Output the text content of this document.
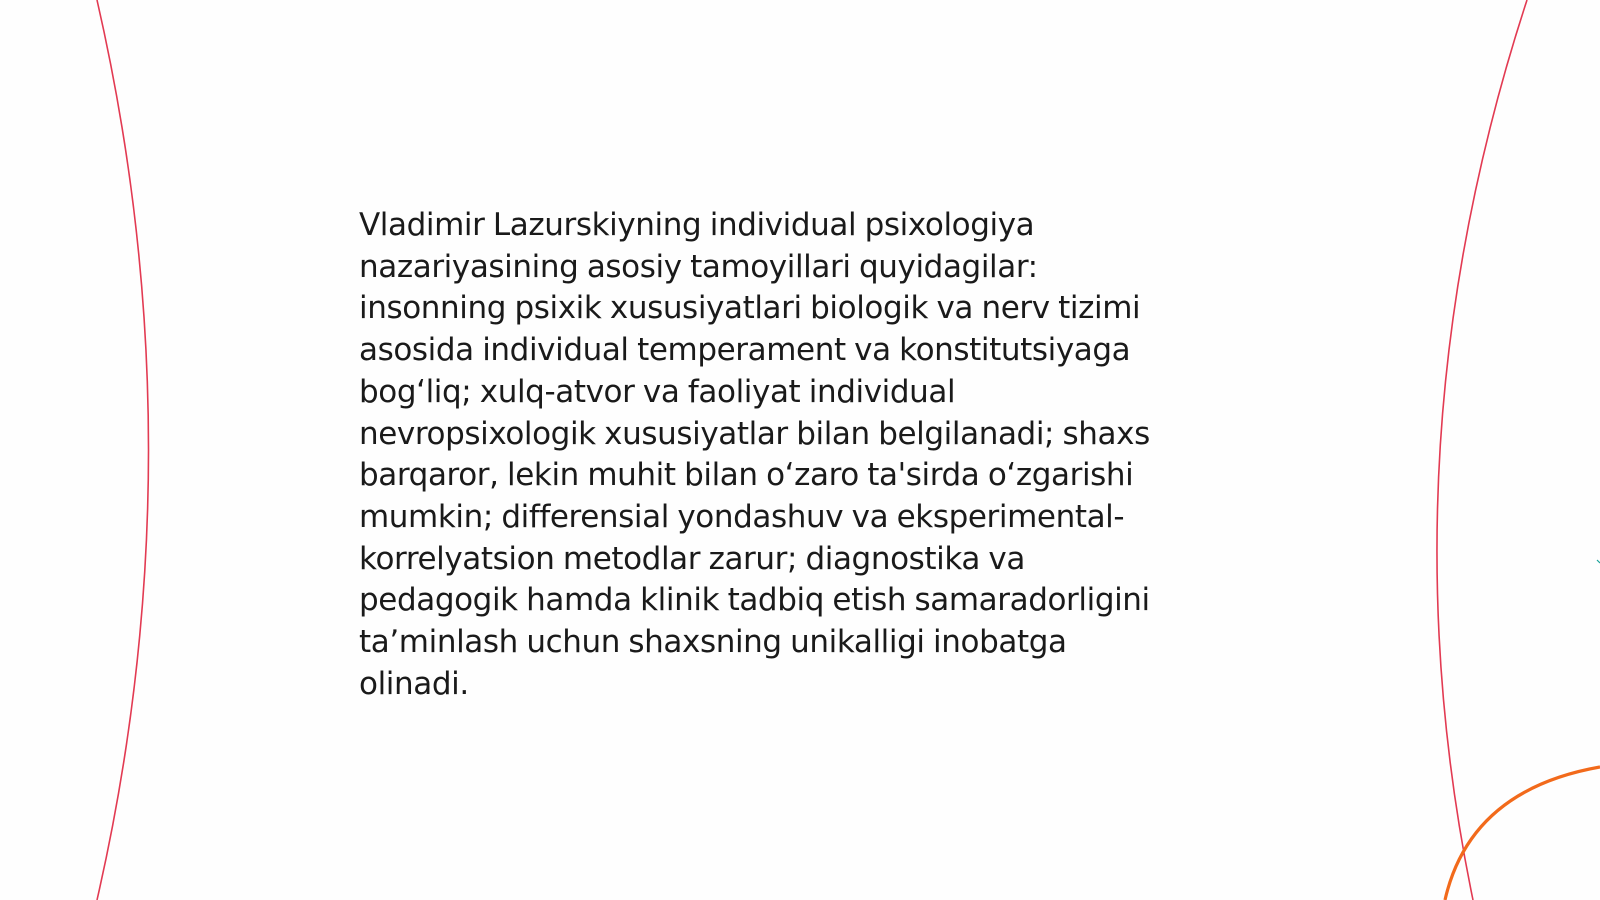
Vladimir Lazurskiyning individual psixologiya
nazariyasining asosiy tamoyillari quyidagilar:
insonning psixik xususiyatlari biologik va nerv tizimi
asosida individual temperament va konstitutsiyaga
bog‘liq; xulq-atvor va faoliyat individual
nevropsixologik xususiyatlar bilan belgilanadi; shaxs
barqaror, lekin muhit bilan o‘zaro ta'sirda o‘zgarishi
mumkin; differensial yondashuv va eksperimental-
korrelyatsion metodlar zarur; diagnostika va
pedagogik hamda klinik tadbiq etish samaradorligini
ta’minlash uchun shaxsning unikalligi inobatga
olinadi.
